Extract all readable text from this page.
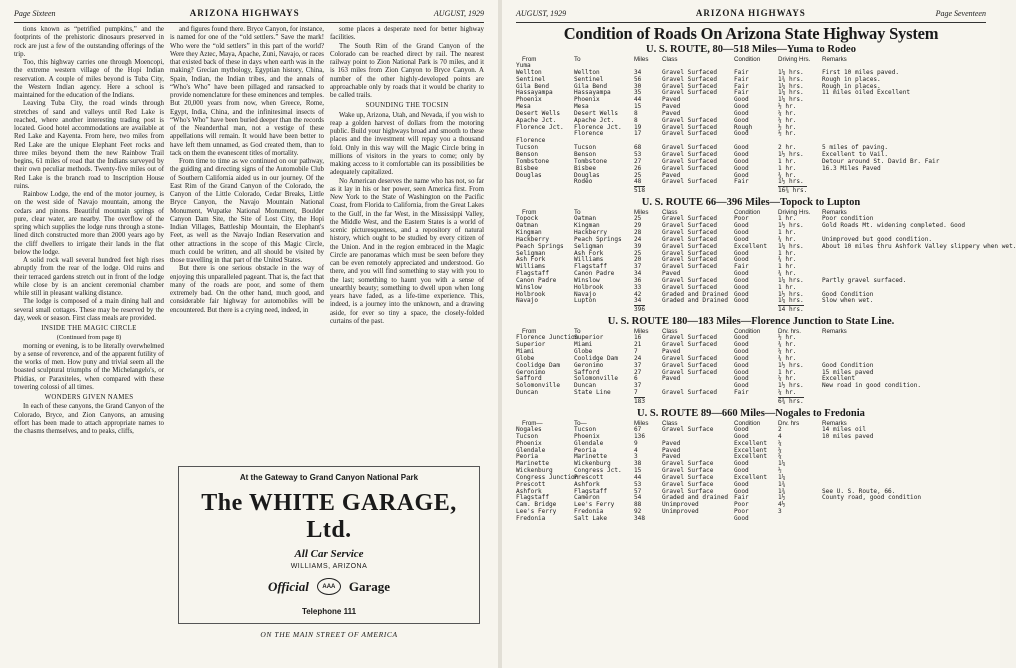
Page Sixteen	ARIZONA HIGHWAYS	AUGUST, 1929

tions known as “petrified pumpkins,” and the footprints of the prehistoric dinosaurs preserved in rock are just a few of the outstanding offerings of the trip.

Too, this highway carries one through Moencopi, the extreme western village of the Hopi Indian reservation. A couple of miles beyond is Tuba City, the Western Indian agency. Here a school is maintained for the education of the Indians.

Leaving Tuba City, the road winds through stretches of sand and valleys until Red Lake is reached, where another interesting trading post is located. Good hotel accommodations are available at Red Lake and Kayenta. From here, two miles from Red Lake are the unique Elephant Feet rocks and three miles beyond them the new Rainbow Trail begins, 61 miles of road that the Indians surveyed by their own peculiar methods. Twenty-five miles out of Red Lake is the branch road to Inscription House ruins.

Rainbow Lodge, the end of the motor journey, is on the west side of Navajo mountain, among the cedars and pinons. Beautiful mountain springs of pure, clear water, are nearby. The overflow of the spring which supplies the lodge runs through a stone-lined ditch constructed more than 2000 years ago by the cliff dwellers to irrigate their lands in the flat below the lodge.

A solid rock wall several hundred feet high rises abruptly from the rear of the lodge. Old ruins and their terraced gardens stretch out in front of the lodge while close by is an ancient ceremonial chamber while still in pleasant walking distance.

The lodge is composed of a main dining hall and several small cottages. These may be reserved by the day, week or season. First class meals are provided.

INSIDE THE MAGIC CIRCLE

(Continued from page 8)

morning or evening, is to be literally overwhelmed by a sense of reverence, and of the apparent futility of the works of men. How puny and trivial seem all the boasted sculptural triumphs of the Michelangelo's, or Phidias, or Paraxiteles, when compared with these towering colossi of all times.

WONDERS GIVEN NAMES

In each of these canyons, the Grand Canyon of the Colorado, Bryce, and Zion Canyons, an amusing effort has been made to attach appropriate names to the chasms themselves, and to peaks, cliffs,

and figures found there. Bryce Canyon, for instance, is named for one of the “old settlers.” Save the mark! Who were the “old settlers” in this part of the world? Were they Aztec, Maya, Apache, Zuni, Navajo, or races that existed back of these in days when earth was in the making? Grecian mythology, Egyptian history, China, Spain, Indian, the Indian tribes, and the annals of “Who's Who” have been pillaged and ransacked to provide nomenclature for these eminences and temples. But 20,000 years from now, when Greece, Rome, Egypt, India, China, and the infinitesimal insects of “Who's Who” have been buried deeper than the records of the Neanderthal man, not a vestige of these appellations will remain. It would have been better to have left them unnamed, as God created them, than to tack on them the evanescent titles of mortality.

From time to time as we continued on our pathway, the guiding and directing signs of the Automobile Club of Southern California aided us in our journey. Of the East Rim of the Grand Canyon of the Colorado, the Canyon of the Little Colorado, Cedar Breaks, Little Bryce Canyon, the Navajo Mountain National Monument, Wupatke National Monument, Boulder Canyon Dam Site, the Site of Lost City, the Hopi Indian Villages, Battleship Mountain, the Elephant's Feet, as well as the Navajo Indian Reservation and other attractions in the scope of this Magic Circle, much could be written, and all should be visited by those travelling in that part of the United States.

But there is one serious obstacle in the way of enjoying this unparalleled pageant. That is, the fact that many of the roads are poor, and some of them extremely bad. On the other hand, much good, and considerable fair highway for automobiles will be encountered. But there is a crying need, indeed, in

some places a desperate need for better highway facilities.

The South Rim of the Grand Canyon of the Colorado can be reached direct by rail. The nearest railway point to Zion National Park is 70 miles, and it is 163 miles from Zion Canyon to Bryce Canyon. A number of the other highly-developed points are approachable only by roads that it would be charity to be called trails.

SOUNDING THE TOCSIN

Wake up, Arizona, Utah, and Nevada, if you wish to reap a golden harvest of dollars from the motoring public. Build your highways broad and smooth to these places and the investment will repay you a thousand fold. Only in this way will the Magic Circle bring in millions of visitors in the years to come; only by making access to it comfortable can its possibilities be adequately capitalized.

No American deserves the name who has not, so far as it lay in his or her power, seen America first. From New York to the State of Washington on the Pacific Coast, from Florida to California, from the Great Lakes to the Gulf, in the far West, in the Mississippi Valley, the Middle West, and the Eastern States is a world of scenic picturesqueness, and a repository of natural history, which ought to be studied by every citizen of the Union. And in the region embraced in the Magic Circle are panoramas which must be seen before they can be even remotely appreciated and understood. Go there, and you will find something to stay with you to the last; something to haunt you with a sense of unearthly beauty; something to dwell upon when long years have faded, as a life-time experience. This, indeed, is a journey into the unknown, and a drawing aside, for ever so tiny a space, the closely-folded curtains of the past.

At the Gateway to Grand Canyon National Park
The WHITE GARAGE, Ltd.
All Car Service
WILLIAMS, ARIZONA
Official	AAA	Garage
Telephone 111
ON THE MAIN STREET OF AMERICA
AUGUST, 1929	ARIZONA HIGHWAYS	Page Seventeen
Condition of Roads On Arizona State Highway System
U. S. ROUTE, 80—518 Miles—Yuma to Rodeo
From	To	Miles	Class	Condition	Driving Hrs.	Remarks
Yuma
Wellton	Wellton	34	Gravel Surfaced	Fair	1¼ hrs.	First 10 miles paved.
Sentinel	Sentinel	56	Gravel Surfaced	Fair	1¾ hrs.	Rough in places.
Gila Bend	Gila Bend	30	Gravel Surfaced	Fair	1¼ hrs.	Rough in places.
Hassayampa	Hassayampa	35	Gravel Surfaced	Fair	1¼ hrs.	11 miles oiled Excellent
Phoenix	Phoenix	44	Paved	Good	1¼ hrs.
Mesa	Mesa	15	Paved	Good	½ hr.
Desert Wells	Desert Wells	8	Paved	Good	¼ hr.
Apache Jct.	Apache Jct.	8	Gravel Surfaced	Good	¼ hr.
Florence Jct.	Florence Jct.	19	Gravel Surfaced	Rough	½ hr.
Florence	17	Gravel Surfaced	Good	½ hr.
Florence
Tucson	Tucson	68	Gravel Surfaced	Good	2 hr.	5 miles of paving.
Benson	Benson	53	Gravel Surfaced	Good	1½ hrs.	Excellent to Vail.
Tombstone	Tombstone	27	Gravel Surfaced	Good	1 hr.	Detour around St. David Br. Fair
Bisbee	Bisbee	26	Gravel Surfaced	Good	1 hr.	16.3 Miles Paved
Douglas	Douglas	25	Paved	Good	¾ hr.
Rodeo	48	Gravel Surfaced	Fair	1½ hrs.
518	16¾ hrs.
U. S. ROUTE 66—396 Miles—Topock to Lupton
From	To	Miles	Class	Condition	Driving Hrs.	Remarks
Topock	Oatman	25	Gravel Surfaced	Poor	1 hr.	Poor condition
Oatman	Kingman	29	Gravel Surfaced	Good	1½ hrs.	Gold Roads Mt. widening completed. Good
Kingman	Hackberry	28	Gravel Surfaced	Good	1 hr.
Hackberry	Peach Springs	24	Gravel Surfaced	Good	¾ hr.	Unimproved but good condition.
Peach Springs	Seligman	39	Gravel Surfaced	Excellent	1¼ hrs.	About 10 miles thru Ashfork Valley slippery when wet.
Seligman	Ash Fork	25	Gravel Surfaced	Good	1 hr.
Ash Fork	Williams	20	Gravel Surfaced	Good	¾ hr.
Williams	Flagstaff	37	Gravel Surfaced	Fair	1 hr.
Flagstaff	Canon Padre	34	Paved	Good	¾ hr.
Canon Padre	Winslow	36	Gravel Surfaced	Good	1¼ hrs.	Partly gravel surfaced.
Winslow	Holbrook	33	Gravel Surfaced	Good	1 hr.
Holbrook	Navajo	42	Graded and Drained Good	1½ hrs.	Good Condition
Navajo	Lupton	34	Graded and Drained Good	1¼ hrs.	Slow when wet.
396	14 hrs.
U. S. ROUTE 180—183 Miles—Florence Junction to State Line.
From	To	Miles	Class	Condition	Drv. hrs.	Remarks
Florence Junction
Superior	16	Gravel Surfaced	Good	½ hr.
Superior	Miami	21	Gravel Surfaced	Good	¾ hr.
Miami	Globe	7	Paved	Good	¼ hr.
Globe	Coolidge Dam	24	Gravel Surfaced	Good	¾ hr.
Coolidge Dam	Geronimo	37	Gravel Surfaced	Good	1½ hrs.	Good Condition
Geronimo	Safford	27	Gravel Surfaced	Good	1 hr.	15 miles paved
Safford	Solomonville	6	Paved	Good	¼ hr.	Excellent
Solomonville	Duncan	37	Good	1½ hrs.	New road in good condition.
Duncan	State Line	7	Gravel Surfaced	Fair	¼ hr.
183	6¾ hrs.
U. S. ROUTE 89—660 Miles—Nogales to Fredonia
From—	To—	Miles	Class	Condition	Drv. hrs	Remarks
Nogales	Tucson	67	Gravel Surface	Good	2	14 miles oil
Tucson	Phoenix	136	Good	4	10 miles paved
Phoenix	Glendale	9	Paved	Excellent	¼
Glendale	Peoria	4	Paved	Excellent	¼
Peoria	Marinette	3	Paved	Excellent	¼
Marinette	Wickenburg	38	Gravel Surface	Good	1¼
Wickenburg	Congress Jct.	15	Gravel Surface	Good	½
Congress Junction
Prescott	44	Gravel Surface	Excellent	1¼
Prescott	Ashfork	53	Gravel Surface	Good	1¾
Ashfork	Flagstaff	57	Gravel Surface	Good	1¾	See U. S. Route, 66.
Flagstaff	Cameron	54	Graded and drained Fair	1½	County road, good condition
Cam. Bridge	Lee's Ferry	88	Unimproved	Poor	4½
Lee's Ferry	Fredonia	92	Unimproved	Poor	3
Fredonia	Salt Lake	348	Good
